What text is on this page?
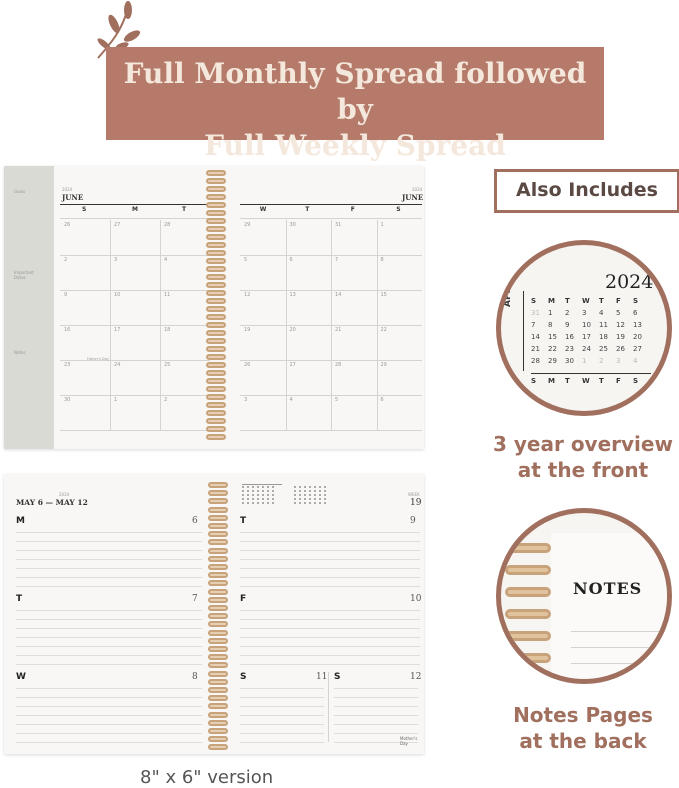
Full Monthly Spread followed by
Full Weekly Spread
Goals
Important Dates
Notes
2024
JUNE
2024
JUNE
S	M	T
26	27	28
2	3	4
9	10	11
16	17	18
23	24	25
30	1	2
W	T	F	S
29	30	31	1
5	6	7	8
12	13	14	15
19	20	21	22
26	27	28	29
3	4	5	6
Father's Day
2024
MAY 6 — MAY 12
WEEK
19
M	6
T	7
W	8
T	9
F	10
S	11 S	12
Mother's Day
Also Includes
2024
APR	S M T W T F S
31 1 2 3 4 5 6
7 8 9 10 11 12 13
14 15 16 17 18 19 20
21 22 23 24 25 26 27
28 29 30 1 2 3 4
S M T W T F S
3 year overview
at the front
NOTES
Notes Pages
at the back
8" x 6" version
